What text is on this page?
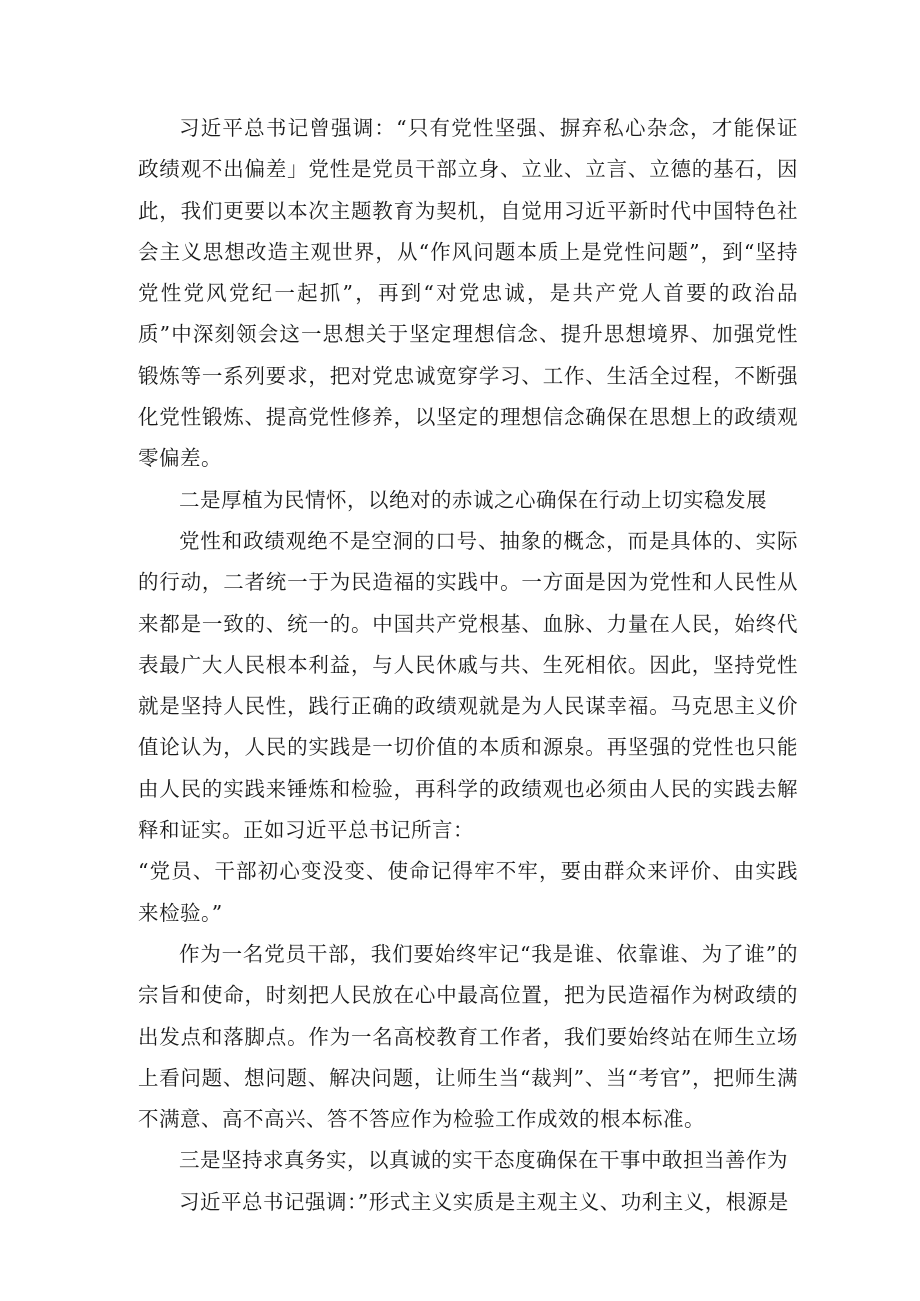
习近平总书记曾强调：“只有党性坚强、摒弃私心杂念，才能保证政绩观不出偏差」党性是党员干部立身、立业、立言、立德的基石，因此，我们更要以本次主题教育为契机，自觉用习近平新时代中国特色社会主义思想改造主观世界，从“作风问题本质上是党性问题”，到“坚持党性党风党纪一起抓”，再到“对党忠诚，是共产党人首要的政治品质”中深刻领会这一思想关于坚定理想信念、提升思想境界、加强党性锻炼等一系列要求，把对党忠诚宽穿学习、工作、生活全过程，不断强化党性锻炼、提高党性修养，以坚定的理想信念确保在思想上的政绩观零偏差。

二是厚植为民情怀，以绝对的赤诚之心确保在行动上切实稳发展

党性和政绩观绝不是空洞的口号、抽象的概念，而是具体的、实际的行动，二者统一于为民造福的实践中。一方面是因为党性和人民性从来都是一致的、统一的。中国共产党根基、血脉、力量在人民，始终代表最广大人民根本利益，与人民休戚与共、生死相依。因此，坚持党性就是坚持人民性，践行正确的政绩观就是为人民谋幸福。马克思主义价值论认为，人民的实践是一切价值的本质和源泉。再坚强的党性也只能由人民的实践来锤炼和检验，再科学的政绩观也必须由人民的实践去解释和证实。正如习近平总书记所言：

“党员、干部初心变没变、使命记得牢不牢，要由群众来评价、由实践来检验。”

作为一名党员干部，我们要始终牢记“我是谁、依靠谁、为了谁”的宗旨和使命，时刻把人民放在心中最高位置，把为民造福作为树政绩的出发点和落脚点。作为一名高校教育工作者，我们要始终站在师生立场上看问题、想问题、解决问题，让师生当“裁判”、当“考官”，把师生满不满意、高不高兴、答不答应作为检验工作成效的根本标准。

三是坚持求真务实，以真诚的实干态度确保在干事中敢担当善作为

习近平总书记强调：”形式主义实质是主观主义、功利主义，根源是
